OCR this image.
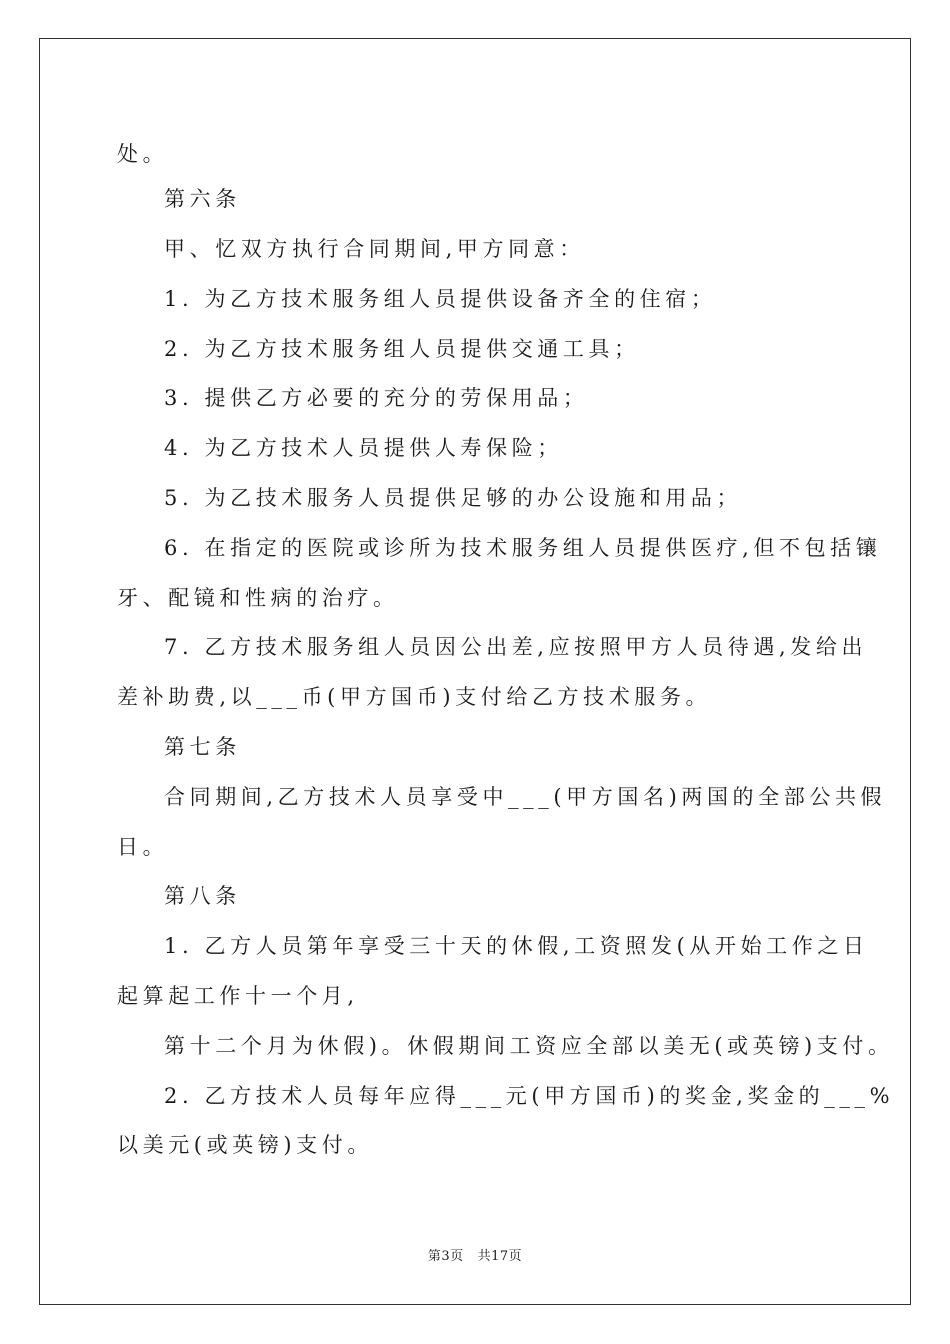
处。
第六条
甲、忆双方执行合同期间,甲方同意：
1. 为乙方技术服务组人员提供设备齐全的住宿；
2. 为乙方技术服务组人员提供交通工具；
3. 提供乙方必要的充分的劳保用品；
4. 为乙方技术人员提供人寿保险；
5. 为乙技术服务人员提供足够的办公设施和用品；
6. 在指定的医院或诊所为技术服务组人员提供医疗,但不包括镶
牙、配镜和性病的治疗。
7. 乙方技术服务组人员因公出差,应按照甲方人员待遇,发给出
差补助费,以___币(甲方国币)支付给乙方技术服务。
第七条
合同期间,乙方技术人员享受中___(甲方国名)两国的全部公共假
日。
第八条
1. 乙方人员第年享受三十天的休假,工资照发(从开始工作之日
起算起工作十一个月,
第十二个月为休假)。休假期间工资应全部以美无(或英镑)支付。
2. 乙方技术人员每年应得___元(甲方国币)的奖金,奖金的___%
以美元(或英镑)支付。
第3页 共17页
